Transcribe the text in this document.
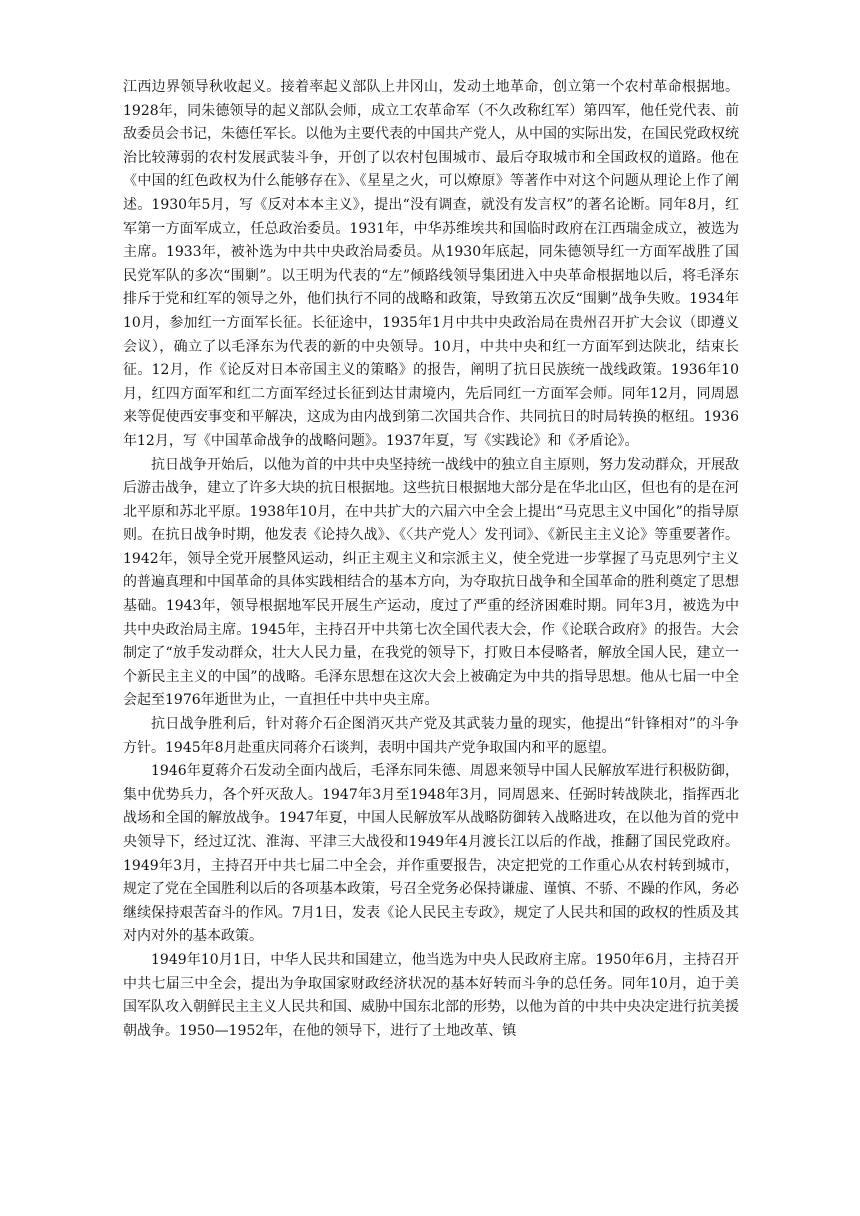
江西边界领导秋收起义。接着率起义部队上井冈山，发动土地革命，创立第一个农村革命根据地。1928年，同朱德领导的起义部队会师，成立工农革命军（不久改称红军）第四军，他任党代表、前敌委员会书记，朱德任军长。以他为主要代表的中国共产党人，从中国的实际出发，在国民党政权统治比较薄弱的农村发展武装斗争，开创了以农村包围城市、最后夺取城市和全国政权的道路。他在《中国的红色政权为什么能够存在》、《星星之火，可以燎原》等著作中对这个问题从理论上作了阐述。1930年5月，写《反对本本主义》，提出“没有调查，就没有发言权”的著名论断。同年8月，红军第一方面军成立，任总政治委员。1931年，中华苏维埃共和国临时政府在江西瑞金成立，被选为主席。1933年，被补选为中共中央政治局委员。从1930年底起，同朱德领导红一方面军战胜了国民党军队的多次“围剿”。以王明为代表的“左”倾路线领导集团进入中央革命根据地以后，将毛泽东排斥于党和红军的领导之外，他们执行不同的战略和政策，导致第五次反“围剿”战争失败。1934年10月，参加红一方面军长征。长征途中，1935年1月中共中央政治局在贵州召开扩大会议（即遵义会议），确立了以毛泽东为代表的新的中央领导。10月，中共中央和红一方面军到达陕北，结束长征。12月，作《论反对日本帝国主义的策略》的报告，阐明了抗日民族统一战线政策。1936年10月，红四方面军和红二方面军经过长征到达甘肃境内，先后同红一方面军会师。同年12月，同周恩来等促使西安事变和平解决，这成为由内战到第二次国共合作、共同抗日的时局转换的枢纽。1936年12月，写《中国革命战争的战略问题》。1937年夏，写《实践论》和《矛盾论》。

抗日战争开始后，以他为首的中共中央坚持统一战线中的独立自主原则，努力发动群众，开展敌后游击战争，建立了许多大块的抗日根据地。这些抗日根据地大部分是在华北山区，但也有的是在河北平原和苏北平原。1938年10月，在中共扩大的六届六中全会上提出“马克思主义中国化”的指导原则。在抗日战争时期，他发表《论持久战》、《〈共产党人〉发刊词》、《新民主主义论》等重要著作。1942年，领导全党开展整风运动，纠正主观主义和宗派主义，使全党进一步掌握了马克思列宁主义的普遍真理和中国革命的具体实践相结合的基本方向，为夺取抗日战争和全国革命的胜利奠定了思想基础。1943年，领导根据地军民开展生产运动，度过了严重的经济困难时期。同年3月，被选为中共中央政治局主席。1945年，主持召开中共第七次全国代表大会，作《论联合政府》的报告。大会制定了“放手发动群众，壮大人民力量，在我党的领导下，打败日本侵略者，解放全国人民，建立一个新民主主义的中国”的战略。毛泽东思想在这次大会上被确定为中共的指导思想。他从七届一中全会起至1976年逝世为止，一直担任中共中央主席。

抗日战争胜利后，针对蒋介石企图消灭共产党及其武装力量的现实，他提出“针锋相对”的斗争方针。1945年8月赴重庆同蒋介石谈判，表明中国共产党争取国内和平的愿望。

1946年夏蒋介石发动全面内战后，毛泽东同朱德、周恩来领导中国人民解放军进行积极防御，集中优势兵力，各个歼灭敌人。1947年3月至1948年3月，同周恩来、任弼时转战陕北，指挥西北战场和全国的解放战争。1947年夏，中国人民解放军从战略防御转入战略进攻，在以他为首的党中央领导下，经过辽沈、淮海、平津三大战役和1949年4月渡长江以后的作战，推翻了国民党政府。1949年3月，主持召开中共七届二中全会，并作重要报告，决定把党的工作重心从农村转到城市，规定了党在全国胜利以后的各项基本政策，号召全党务必保持谦虚、谨慎、不骄、不躁的作风，务必继续保持艰苦奋斗的作风。7月1日，发表《论人民民主专政》，规定了人民共和国的政权的性质及其对内对外的基本政策。

1949年10月1日，中华人民共和国建立，他当选为中央人民政府主席。1950年6月，主持召开中共七届三中全会，提出为争取国家财政经济状况的基本好转而斗争的总任务。同年10月，迫于美国军队攻入朝鲜民主主义人民共和国、威胁中国东北部的形势，以他为首的中共中央决定进行抗美援朝战争。1950—1952年，在他的领导下，进行了土地改革、镇
